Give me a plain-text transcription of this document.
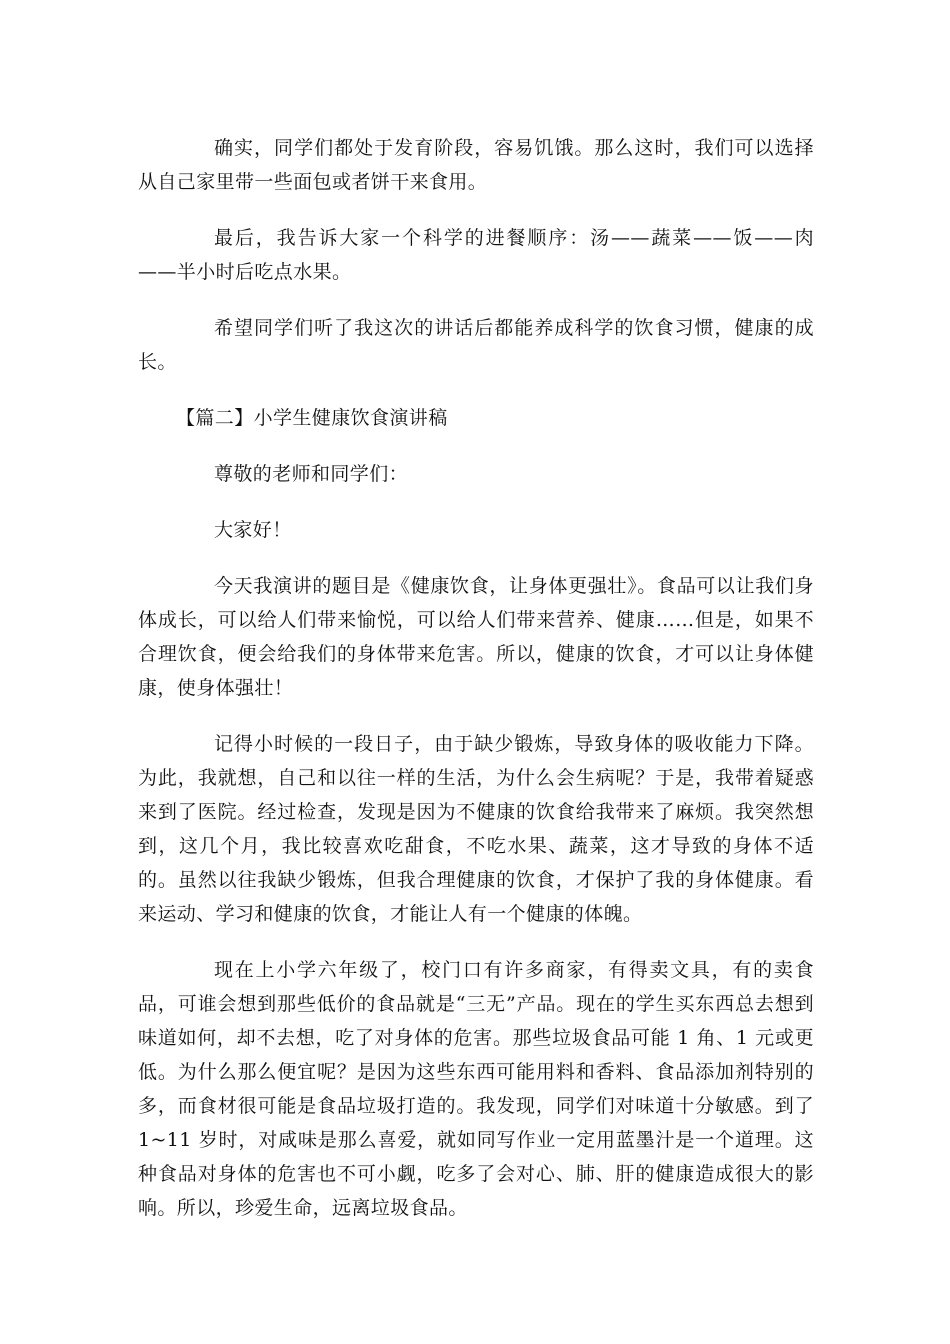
确实，同学们都处于发育阶段，容易饥饿。那么这时，我们可以选择从自己家里带一些面包或者饼干来食用。

最后，我告诉大家一个科学的进餐顺序：汤——蔬菜——饭——肉——半小时后吃点水果。

希望同学们听了我这次的讲话后都能养成科学的饮食习惯，健康的成长。

【篇二】小学生健康饮食演讲稿

尊敬的老师和同学们：

大家好！

今天我演讲的题目是《健康饮食，让身体更强壮》。食品可以让我们身体成长，可以给人们带来愉悦，可以给人们带来营养、健康……但是，如果不合理饮食，便会给我们的身体带来危害。所以，健康的饮食，才可以让身体健康，使身体强壮！

记得小时候的一段日子，由于缺少锻炼，导致身体的吸收能力下降。为此，我就想，自己和以往一样的生活，为什么会生病呢？于是，我带着疑惑来到了医院。经过检查，发现是因为不健康的饮食给我带来了麻烦。我突然想到，这几个月，我比较喜欢吃甜食，不吃水果、蔬菜，这才导致的身体不适的。虽然以往我缺少锻炼，但我合理健康的饮食，才保护了我的身体健康。看来运动、学习和健康的饮食，才能让人有一个健康的体魄。

现在上小学六年级了，校门口有许多商家，有得卖文具，有的卖食品，可谁会想到那些低价的食品就是“三无”产品。现在的学生买东西总去想到味道如何，却不去想，吃了对身体的危害。那些垃圾食品可能 1 角、1 元或更低。为什么那么便宜呢？是因为这些东西可能用料和香料、食品添加剂特别的多，而食材很可能是食品垃圾打造的。我发现，同学们对味道十分敏感。到了 1~11 岁时，对咸味是那么喜爱，就如同写作业一定用蓝墨汁是一个道理。这种食品对身体的危害也不可小觑，吃多了会对心、肺、肝的健康造成很大的影响。所以，珍爱生命，远离垃圾食品。
